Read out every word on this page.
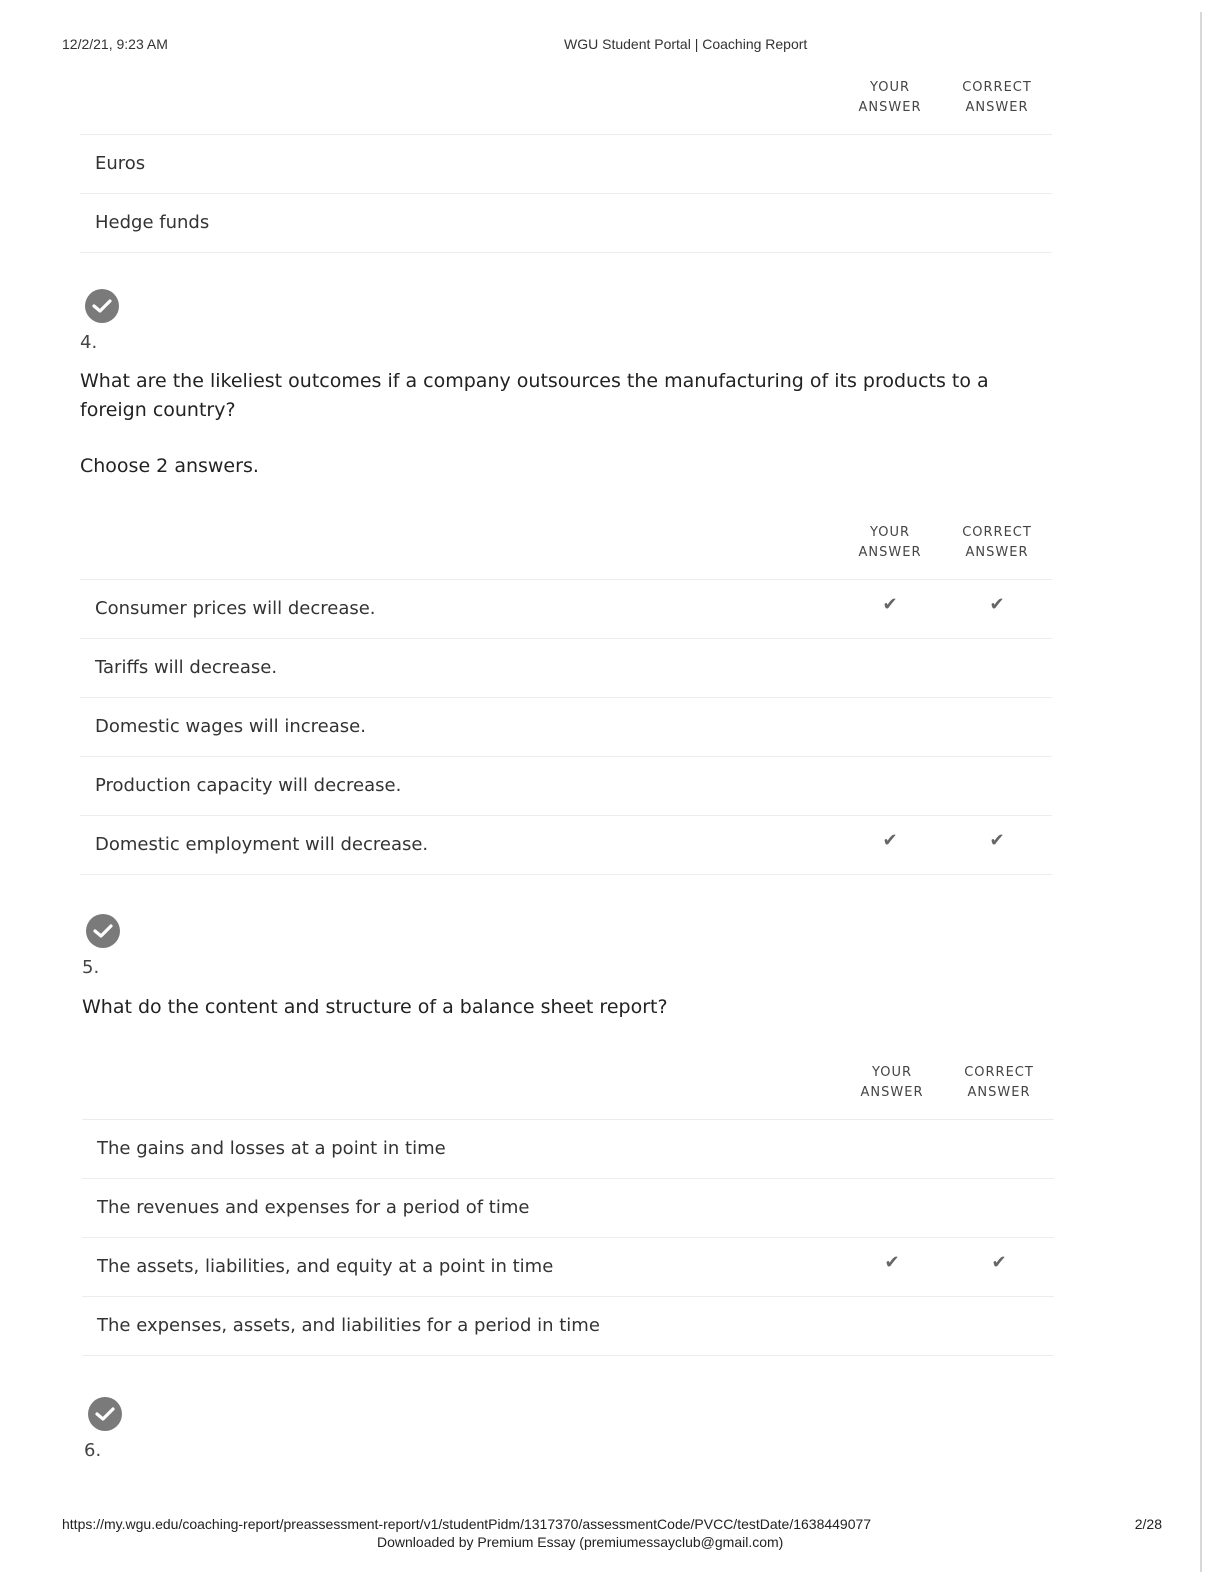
12/2/21, 9:23 AM	WGU Student Portal | Coaching Report
YOUR
ANSWER
CORRECT
ANSWER
Euros
Hedge funds
4.
What are the likeliest outcomes if a company outsources the manufacturing of its products to a foreign country?
Choose 2 answers.
YOUR
ANSWER
CORRECT
ANSWER
Consumer prices will decrease.	✔	✔
Tariffs will decrease.
Domestic wages will increase.
Production capacity will decrease.
Domestic employment will decrease.	✔	✔
5.
What do the content and structure of a balance sheet report?
YOUR
ANSWER
CORRECT
ANSWER
The gains and losses at a point in time
The revenues and expenses for a period of time
The assets, liabilities, and equity at a point in time	✔	✔
The expenses, assets, and liabilities for a period in time
6.
https://my.wgu.edu/coaching-report/preassessment-report/v1/studentPidm/1317370/assessmentCode/PVCC/testDate/1638449077	2/28
Downloaded by Premium Essay (premiumessayclub@gmail.com)
